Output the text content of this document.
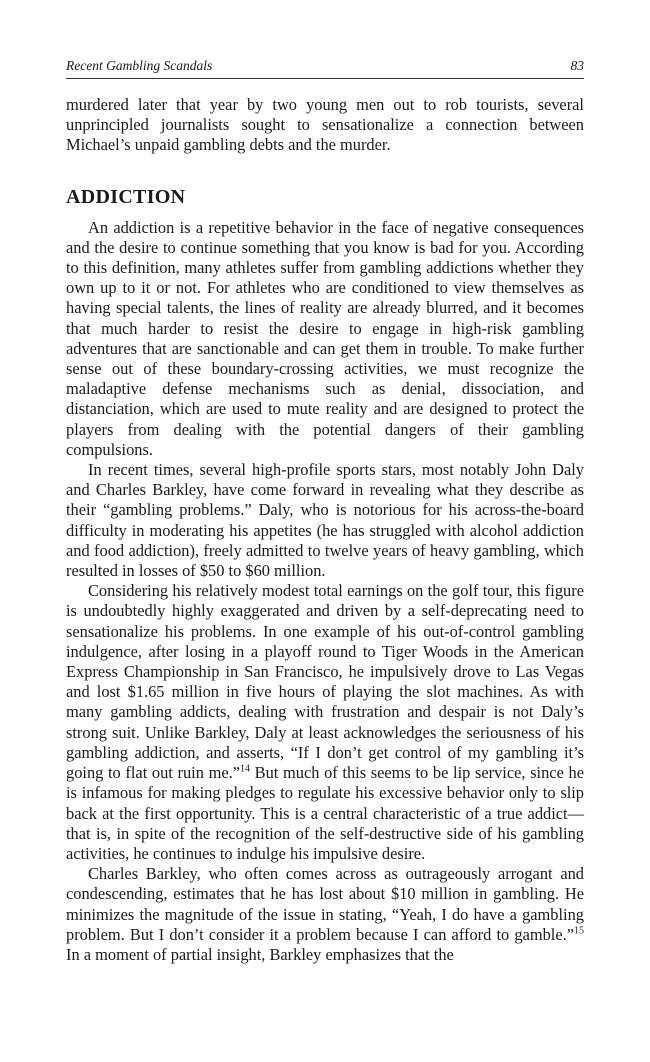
Recent Gambling Scandals	83

murdered later that year by two young men out to rob tourists, several unprincipled journalists sought to sensationalize a connection between Michael’s unpaid gambling debts and the murder.

ADDICTION

An addiction is a repetitive behavior in the face of negative consequences and the desire to continue something that you know is bad for you. According to this definition, many athletes suffer from gambling addictions whether they own up to it or not. For athletes who are conditioned to view themselves as having special talents, the lines of reality are already blurred, and it becomes that much harder to resist the desire to engage in high-risk gambling adventures that are sanctionable and can get them in trouble. To make further sense out of these boundary-crossing activities, we must recognize the maladaptive defense mechanisms such as denial, dissociation, and distanciation, which are used to mute reality and are designed to protect the players from dealing with the potential dangers of their gambling compulsions.

In recent times, several high-profile sports stars, most notably John Daly and Charles Barkley, have come forward in revealing what they describe as their “gambling problems.” Daly, who is notorious for his across-the-board difficulty in moderating his appetites (he has struggled with alcohol addiction and food addiction), freely admitted to twelve years of heavy gambling, which resulted in losses of $50 to $60 million.

Considering his relatively modest total earnings on the golf tour, this figure is undoubtedly highly exaggerated and driven by a self-deprecating need to sensationalize his problems. In one example of his out-of-control gambling indulgence, after losing in a playoff round to Tiger Woods in the American Express Championship in San Francisco, he impulsively drove to Las Vegas and lost $1.65 million in five hours of playing the slot machines. As with many gambling addicts, dealing with frustration and despair is not Daly’s strong suit. Unlike Barkley, Daly at least acknowledges the seriousness of his gambling addiction, and asserts, “If I don’t get control of my gambling it’s going to flat out ruin me.”$^{14}$ But much of this seems to be lip service, since he is infamous for making pledges to regulate his excessive behavior only to slip back at the first opportunity. This is a central characteristic of a true addict—that is, in spite of the recognition of the self-destructive side of his gambling activities, he continues to indulge his impulsive desire.

Charles Barkley, who often comes across as outrageously arrogant and condescending, estimates that he has lost about $10 million in gambling. He minimizes the magnitude of the issue in stating, “Yeah, I do have a gambling problem. But I don’t consider it a problem because I can afford to gamble.”$^{15}$ In a moment of partial insight, Barkley emphasizes that the
